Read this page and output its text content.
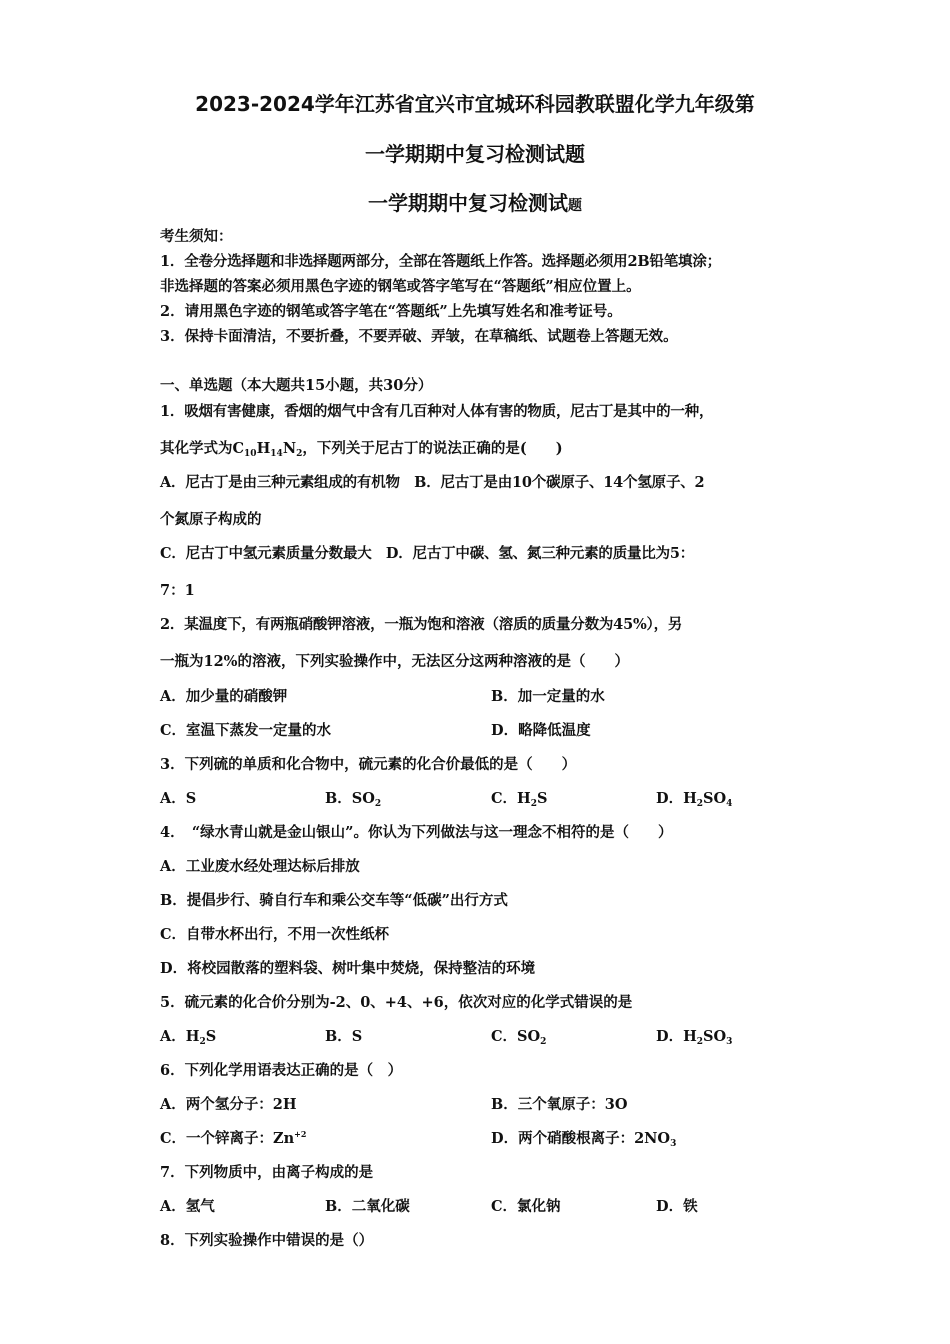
2023-2024学年江苏省宜兴市宜城环科园教联盟化学九年级第
一学期期中复习检测试题
一学期期中复习检测试题
考生须知：
1．全卷分选择题和非选择题两部分，全部在答题纸上作答。选择题必须用2B铅笔填涂；
非选择题的答案必须用黑色字迹的钢笔或答字笔写在“答题纸”相应位置上。
2．请用黑色字迹的钢笔或答字笔在“答题纸”上先填写姓名和准考证号。
3．保持卡面清洁，不要折叠，不要弄破、弄皱，在草稿纸、试题卷上答题无效。
一、单选题（本大题共15小题，共30分）
1．吸烟有害健康，香烟的烟气中含有几百种对人体有害的物质，尼古丁是其中的一种，
其化学式为$C_{10}H_{14}N_2$，下列关于尼古丁的说法正确的是(　　)
A．尼古丁是由三种元素组成的有机物　B．尼古丁是由10个碳原子、14个氢原子、2
个氮原子构成的
C．尼古丁中氢元素质量分数最大　D．尼古丁中碳、氢、氮三种元素的质量比为5：
7：1
2．某温度下，有两瓶硝酸钾溶液，一瓶为饱和溶液（溶质的质量分数为45%），另
一瓶为12%的溶液，下列实验操作中，无法区分这两种溶液的是（　　）
A．加少量的硝酸钾	B．加一定量的水
C．室温下蒸发一定量的水	D．略降低温度
3．下列硫的单质和化合物中，硫元素的化合价最低的是（　　）
A．S	B．$SO_2$	C．$H_2S$	D．$H_2SO_4$
4．　“绿水青山就是金山银山”。你认为下列做法与这一理念不相符的是（　　）
A．工业废水经处理达标后排放
B．提倡步行、骑自行车和乘公交车等“低碳”出行方式
C．自带水杯出行，不用一次性纸杯
D．将校园散落的塑料袋、树叶集中焚烧，保持整洁的环境
5．硫元素的化合价分别为-2、0、+4、+6，依次对应的化学式错误的是
A．$H_2S$	B．S	C．$SO_2$	D．$H_2SO_3$
6．下列化学用语表达正确的是（　）
A．两个氢分子：2H	B．三个氧原子：3O
C．一个锌离子：$Zn^{+2}$	D．两个硝酸根离子：$2NO_3$
7．下列物质中，由离子构成的是
A．氢气	B．二氧化碳	C．氯化钠	D．铁
8．下列实验操作中错误的是（）
